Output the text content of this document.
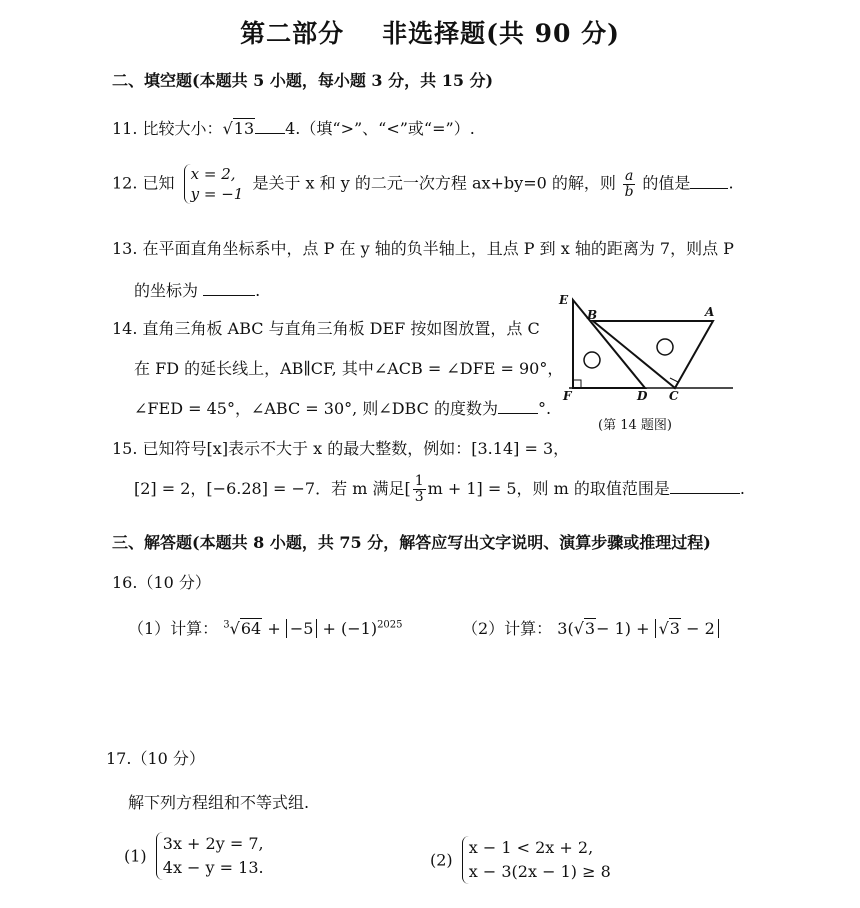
第二部分 非选择题(共 90 分)
二、填空题(本题共 5 小题，每小题 3 分，共 15 分)
11. 比较大小：√13 4.（填“>”、“<”或“=”）.
12. 已知 x = 2,
y = −1
是关于 x 和 y 的二元一次方程 ax+by=0 的解，则 $\frac{a}{b}$ 的值是 .
13. 在平面直角坐标系中，点 P 在 y 轴的负半轴上，且点 P 到 x 轴的距离为 7，则点 P
的坐标为	.
14. 直角三角板 ABC 与直角三角板 DEF 按如图放置，点 C
在 FD 的延长线上，AB∥CF, 其中∠ACB = ∠DFE = 90°，
∠FED = 45°，∠ABC = 30°, 则∠DBC 的度数为	°.
E
B	A
F	D C
(第 14 题图)
15. 已知符号[x]表示不大于 x 的最大整数，例如：[3.14] = 3，
[2] = 2，[−6.28] = −7．若 m 满足[ $\frac{1}{3}$ m + 1] = 5，则 m 的取值范围是	.
三、解答题(本题共 8 小题，共 75 分，解答应写出文字说明、演算步骤或推理过程)
16.（10 分）
（1）计算： $^3√64 + -5 + (-1)^{2025}$	（2）计算： 3(√3− 1) + √3 − 2
17.（10 分）
解下列方程组和不等式组.
(1)
3x + 2y = 7,
4x − y = 13.	(2)
x − 1 < 2x + 2,
x − 3(2x − 1) ≥ 8
